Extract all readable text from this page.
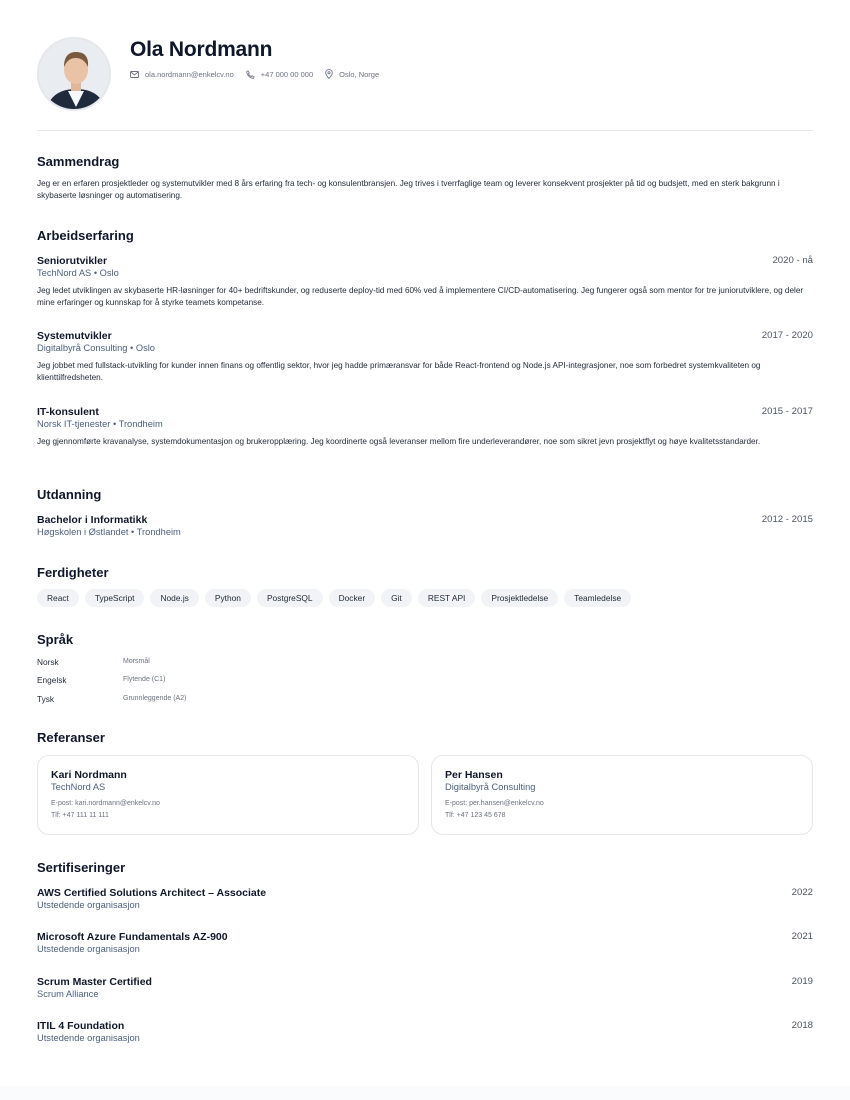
Ola Nordmann
ola.nordmann@enkelcv.no	+47 000 00 000	Oslo, Norge
Sammendrag
Jeg er en erfaren prosjektleder og systemutvikler med 8 års erfaring fra tech- og konsulentbransjen. Jeg trives i tverrfaglige team og leverer konsekvent prosjekter på tid og budsjett, med en sterk bakgrunn i skybaserte løsninger og automatisering.
Arbeidserfaring
Seniorutvikler
TechNord AS • Oslo
2020 - nå
Jeg ledet utviklingen av skybaserte HR-løsninger for 40+ bedriftskunder, og reduserte deploy-tid med 60% ved å implementere CI/CD-automatisering. Jeg fungerer også som mentor for tre juniorutviklere, og deler mine erfaringer og kunnskap for å styrke teamets kompetanse.
Systemutvikler
Digitalbyrå Consulting • Oslo
2017 - 2020
Jeg jobbet med fullstack-utvikling for kunder innen finans og offentlig sektor, hvor jeg hadde primæransvar for både React-frontend og Node.js API-integrasjoner, noe som forbedret systemkvaliteten og klienttilfredsheten.
IT-konsulent
Norsk IT-tjenester • Trondheim
2015 - 2017
Jeg gjennomførte kravanalyse, systemdokumentasjon og brukeropplæring. Jeg koordinerte også leveranser mellom fire underleverandører, noe som sikret jevn prosjektflyt og høye kvalitetsstandarder.
Utdanning
Bachelor i Informatikk
Høgskolen i Østlandet • Trondheim
2012 - 2015
Ferdigheter
React	TypeScript	Node.js	Python	PostgreSQL	Docker	Git	REST API	Prosjektledelse	Teamledelse
Språk
Norsk	Morsmål
Engelsk	Flytende (C1)
Tysk	Grunnleggende (A2)
Referanser
Kari Nordmann
TechNord AS
E-post: kari.nordmann@enkelcv.no
Tlf: +47 111 11 111
Per Hansen
Digitalbyrå Consulting
E-post: per.hansen@enkelcv.no
Tlf: +47 123 45 678
Sertifiseringer
AWS Certified Solutions Architect – Associate
Utstedende organisasjon
2022
Microsoft Azure Fundamentals AZ-900
Utstedende organisasjon
2021
Scrum Master Certified
Scrum Alliance
2019
ITIL 4 Foundation
Utstedende organisasjon
2018
